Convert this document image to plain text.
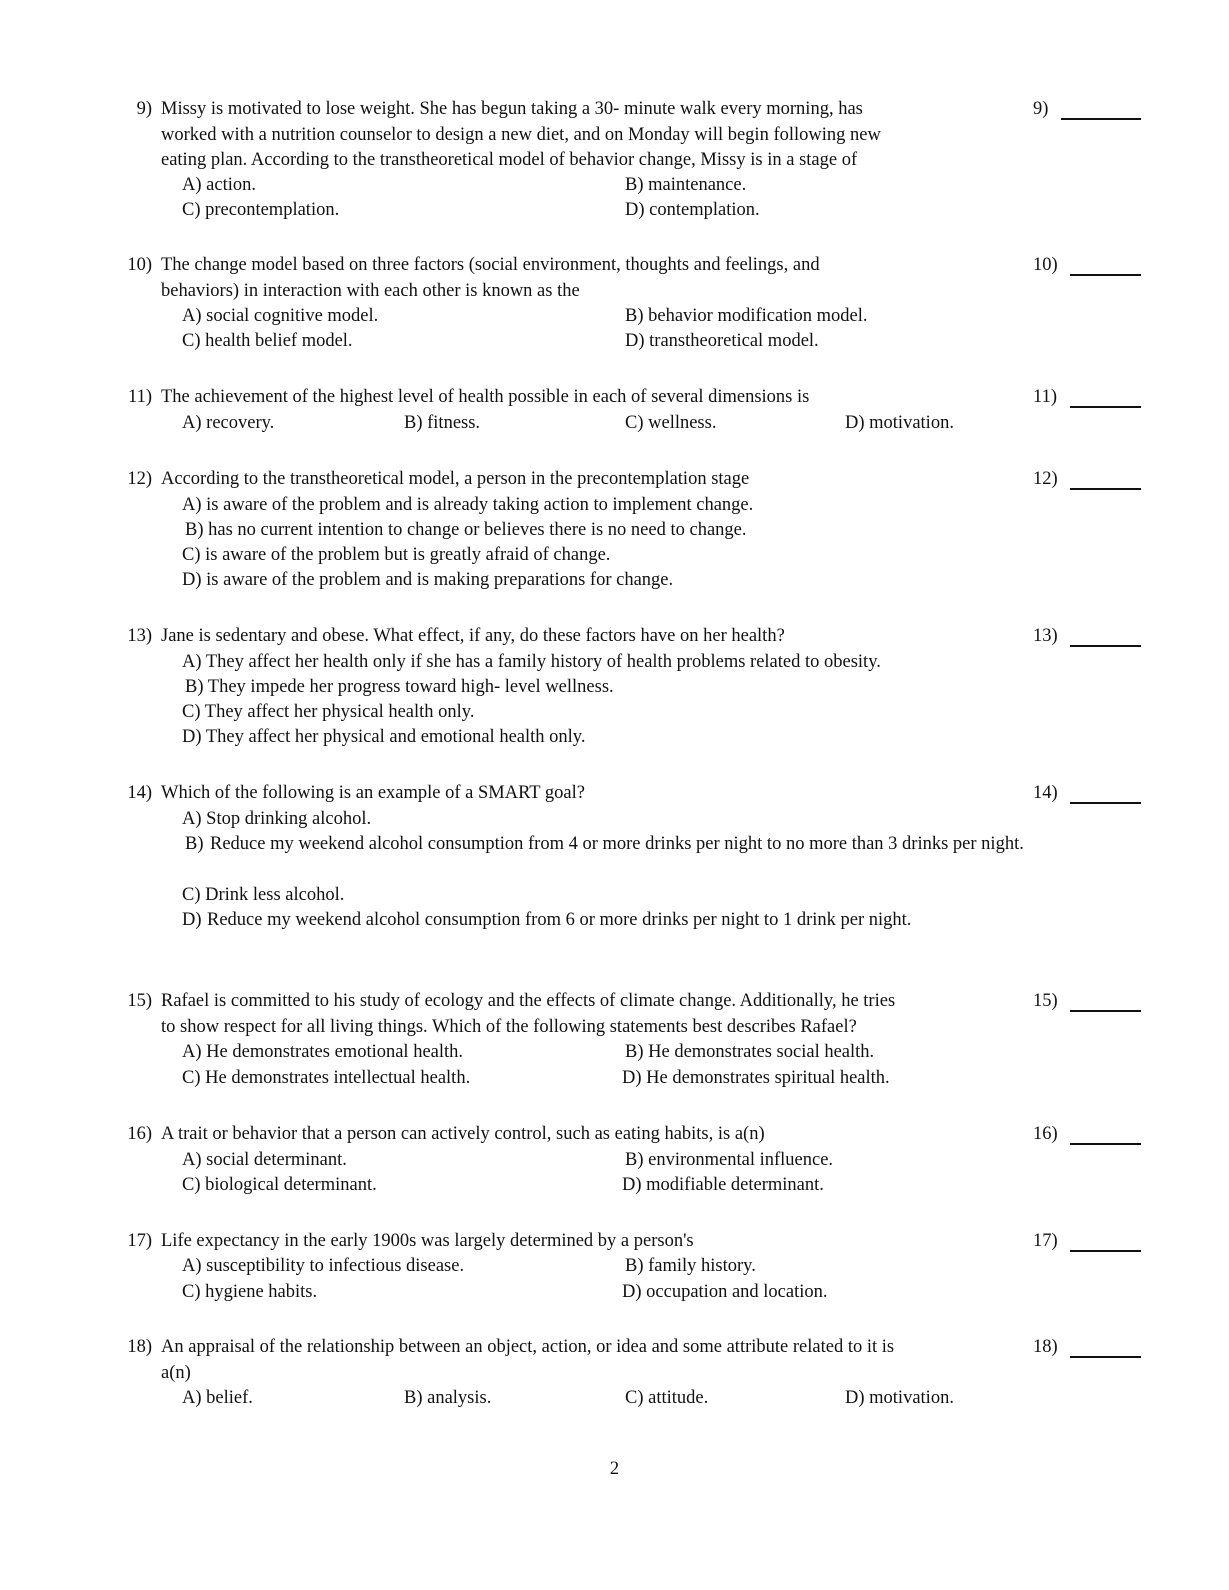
9) Missy is motivated to lose weight. She has begun taking a 30- minute walk every morning, has
worked with a nutrition counselor to design a new diet, and on Monday will begin following new
eating plan. According to the transtheoretical model of behavior change, Missy is in a stage of
A) action.	B) maintenance.
C) precontemplation.	D) contemplation.
9)
10) The change model based on three factors (social environment, thoughts and feelings, and
behaviors) in interaction with each other is known as the
A) social cognitive model.	B) behavior modification model.
C) health belief model.	D) transtheoretical model.
10)
11) The achievement of the highest level of health possible in each of several dimensions is
A) recovery.	B) fitness.	C) wellness.	D) motivation.
11)
12) According to the transtheoretical model, a person in the precontemplation stage
A) is aware of the problem and is already taking action to implement change.
B) has no current intention to change or believes there is no need to change.
C) is aware of the problem but is greatly afraid of change.
D) is aware of the problem and is making preparations for change.
12)
13) Jane is sedentary and obese. What effect, if any, do these factors have on her health?
A) They affect her health only if she has a family history of health problems related to obesity.
B) They impede her progress toward high- level wellness.
C) They affect her physical health only.
D) They affect her physical and emotional health only.
13)
14) Which of the following is an example of a SMART goal?
A) Stop drinking alcohol.
B) Reduce my weekend alcohol consumption from 4 or more drinks per night to no more than 3 drinks per night.
C) Drink less alcohol.
D) Reduce my weekend alcohol consumption from 6 or more drinks per night to 1 drink per night.
14)
15) Rafael is committed to his study of ecology and the effects of climate change. Additionally, he tries
to show respect for all living things. Which of the following statements best describes Rafael?
A) He demonstrates emotional health.	B) He demonstrates social health.
C) He demonstrates intellectual health.	D) He demonstrates spiritual health.
15)
16) A trait or behavior that a person can actively control, such as eating habits, is a(n)
A) social determinant.	B) environmental influence.
C) biological determinant.	D) modifiable determinant.
16)
17) Life expectancy in the early 1900s was largely determined by a person's
A) susceptibility to infectious disease.	B) family history.
C) hygiene habits.	D) occupation and location.
17)
18) An appraisal of the relationship between an object, action, or idea and some attribute related to it is
a(n)
A) belief.	B) analysis.	C) attitude.	D) motivation.
18)
2
